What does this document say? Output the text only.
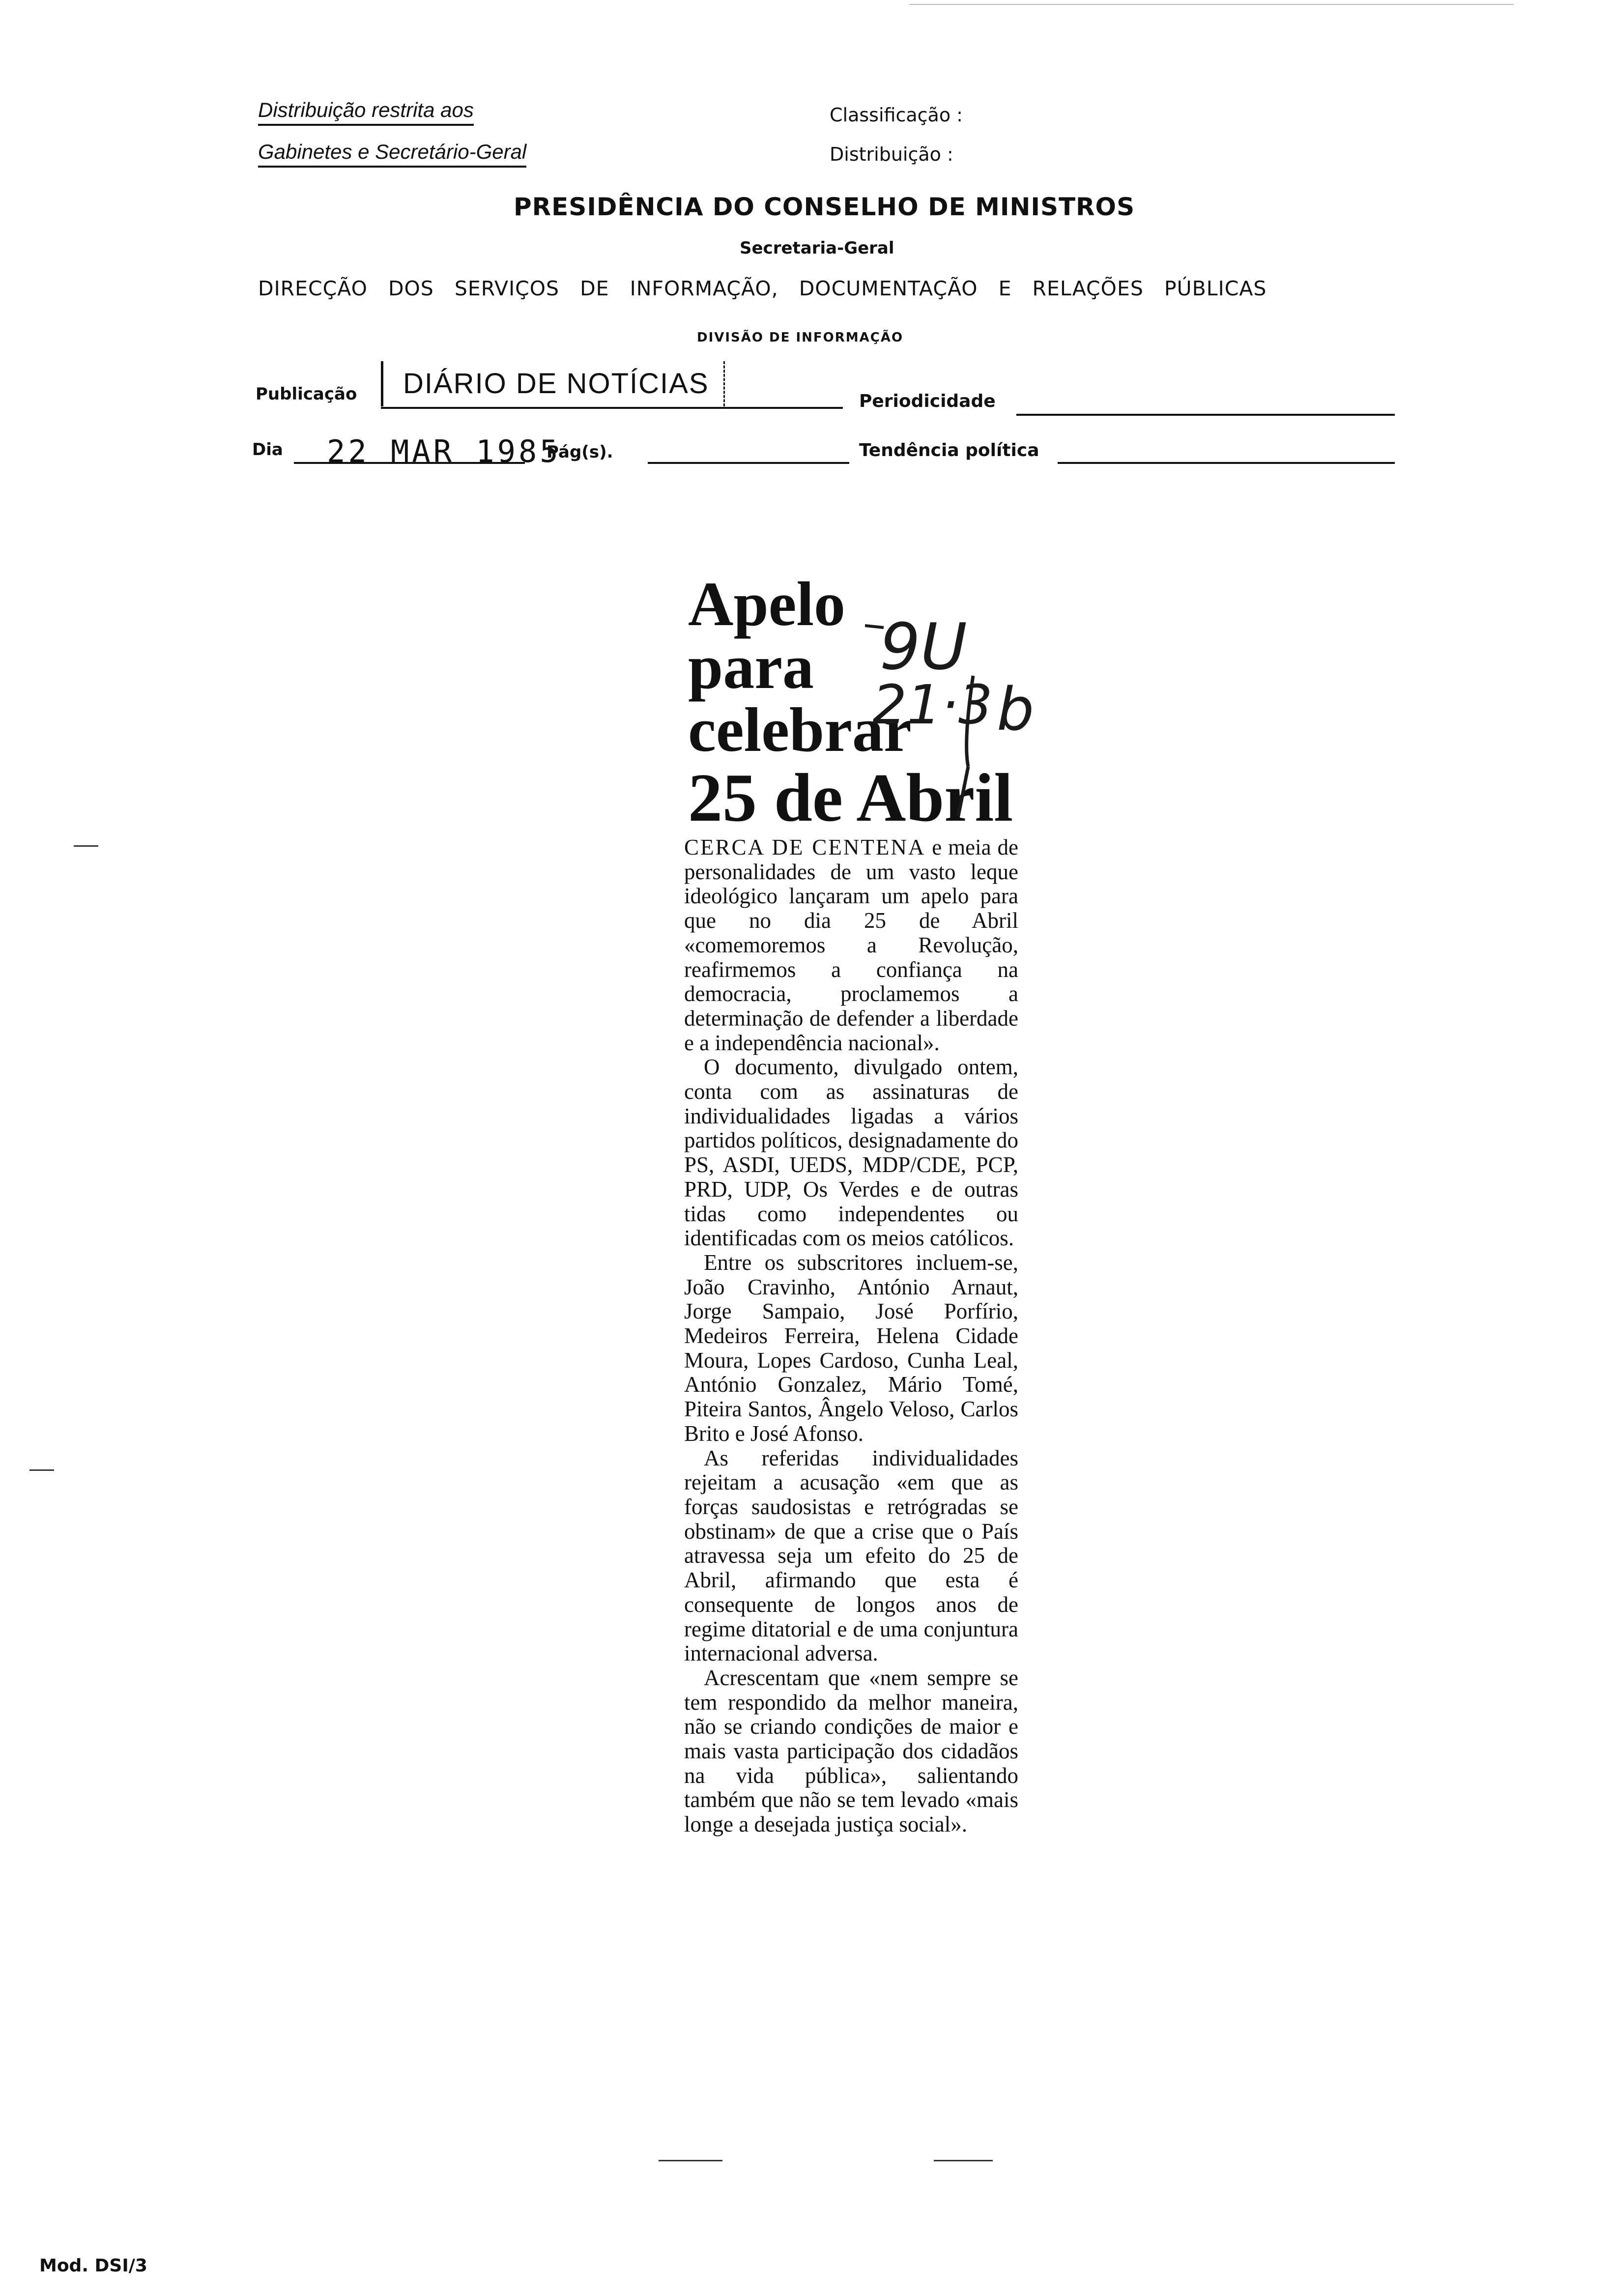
Distribuição restrita aos
Gabinetes e Secretário-Geral
Classificação :
Distribuição :
PRESIDÊNCIA DO CONSELHO DE MINISTROS
Secretaria-Geral
DIRECÇÃO DOS SERVIÇOS DE INFORMAÇÃO, DOCUMENTAÇÃO E RELAÇÕES PÚBLICAS
DIVISÃO DE INFORMAÇÃO
Publicação	DIÁRIO DE NOTÍCIAS
Periodicidade
Dia 22 MAR 1985
Pág(s).	Tendência política
Apelo
para
celebrar
25 de Abril
9U
21·3 b

CERCA DE CENTENA e meia de personalidades de um vasto leque ideológico lançaram um apelo para que no dia 25 de Abril «comemoremos a Revolução, reafirmemos a confiança na democracia, proclamemos a determinação de defender a liberdade e a independência nacional».

O documento, divulgado ontem, conta com as assinaturas de individualidades ligadas a vários partidos políticos, designadamente do PS, ASDI, UEDS, MDP/CDE, PCP, PRD, UDP, Os Verdes e de outras tidas como independentes ou identificadas com os meios católicos.

Entre os subscritores incluem-se, João Cravinho, António Arnaut, Jorge Sampaio, José Porfírio, Medeiros Ferreira, Helena Cidade Moura, Lopes Cardoso, Cunha Leal, António Gonzalez, Mário Tomé, Piteira Santos, Ângelo Veloso, Carlos Brito e José Afonso.

As referidas individualidades rejeitam a acusação «em que as forças saudosistas e retrógradas se obstinam» de que a crise que o País atravessa seja um efeito do 25 de Abril, afirmando que esta é consequente de longos anos de regime ditatorial e de uma conjuntura internacional adversa.

Acrescentam que «nem sempre se tem respondido da melhor maneira, não se criando condições de maior e mais vasta participação dos cidadãos na vida pública», salientando também que não se tem levado «mais longe a desejada justiça social».

Mod. DSI/3
